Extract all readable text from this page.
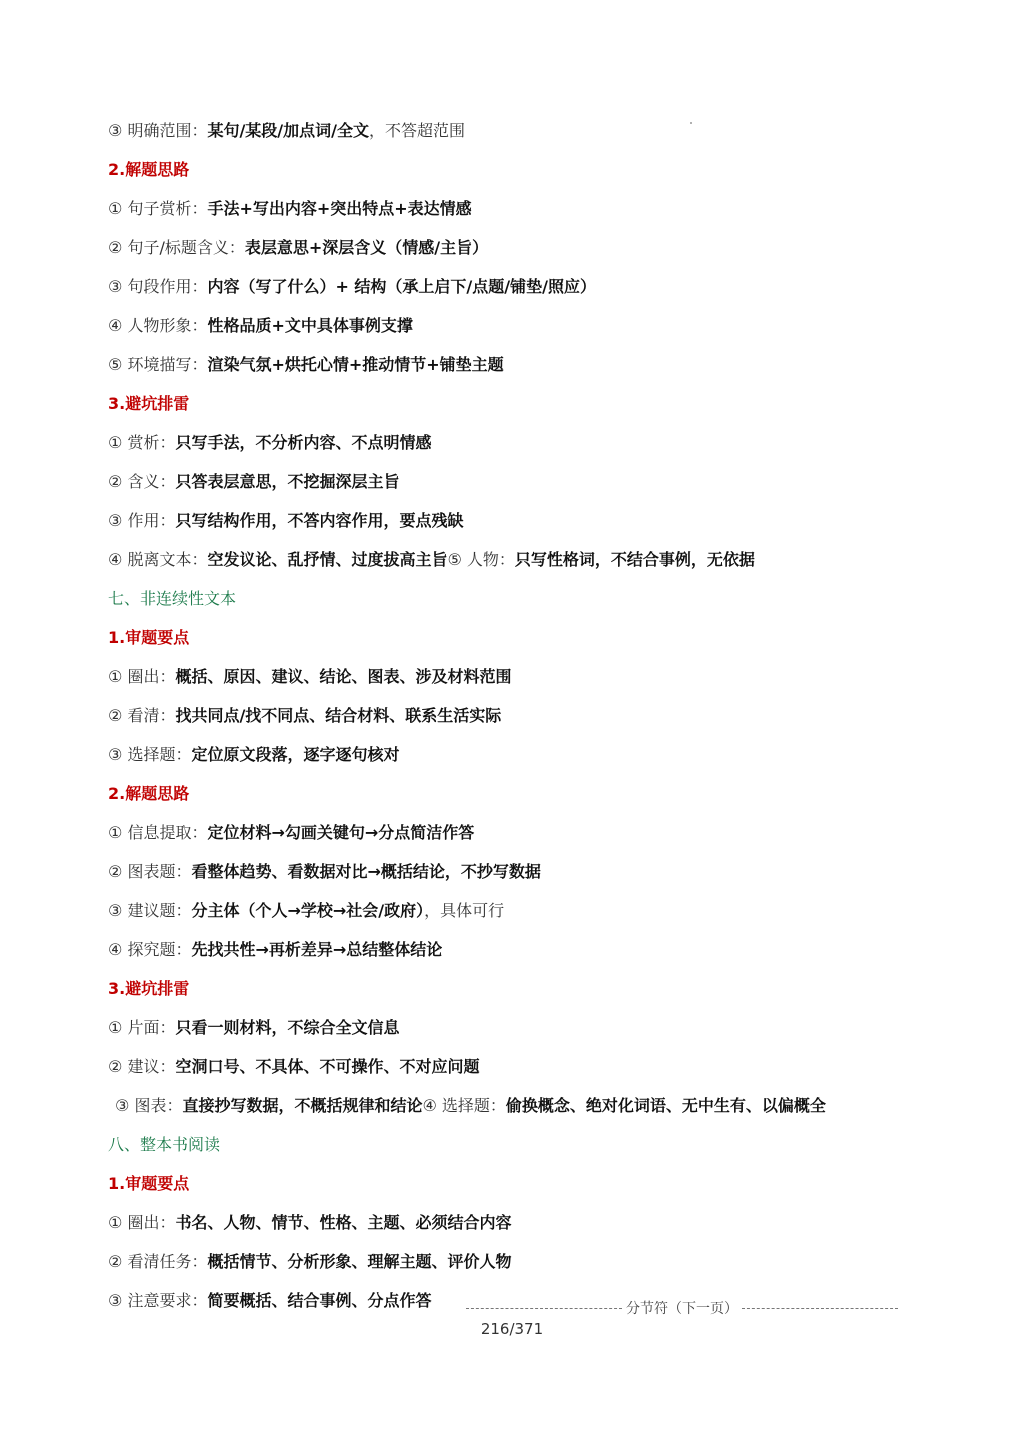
③ 明确范围：某句/某段/加点词/全文，不答超范围
2.解题思路
① 句子赏析：手法+写出内容+突出特点+表达情感
② 句子/标题含义：表层意思+深层含义（情感/主旨）
③ 句段作用：内容（写了什么）+ 结构（承上启下/点题/铺垫/照应）
④ 人物形象：性格品质+文中具体事例支撑
⑤ 环境描写：渲染气氛+烘托心情+推动情节+铺垫主题
3.避坑排雷
① 赏析：只写手法，不分析内容、不点明情感
② 含义：只答表层意思，不挖掘深层主旨
③ 作用：只写结构作用，不答内容作用，要点残缺
④ 脱离文本：空发议论、乱抒情、过度拔高主旨⑤ 人物：只写性格词，不结合事例，无依据
七、非连续性文本
1.审题要点
① 圈出：概括、原因、建议、结论、图表、涉及材料范围
② 看清：找共同点/找不同点、结合材料、联系生活实际
③ 选择题：定位原文段落，逐字逐句核对
2.解题思路
① 信息提取：定位材料→勾画关键句→分点简洁作答
② 图表题：看整体趋势、看数据对比→概括结论，不抄写数据
③ 建议题：分主体（个人→学校→社会/政府），具体可行
④ 探究题：先找共性→再析差异→总结整体结论
3.避坑排雷
① 片面：只看一则材料，不综合全文信息
② 建议：空洞口号、不具体、不可操作、不对应问题
③ 图表：直接抄写数据，不概括规律和结论④ 选择题：偷换概念、绝对化词语、无中生有、以偏概全
八、整本书阅读
1.审题要点
① 圈出：书名、人物、情节、性格、主题、必须结合内容
② 看清任务：概括情节、分析形象、理解主题、评价人物
③ 注意要求：简要概括、结合事例、分点作答	分节符（下一页）
216/371
